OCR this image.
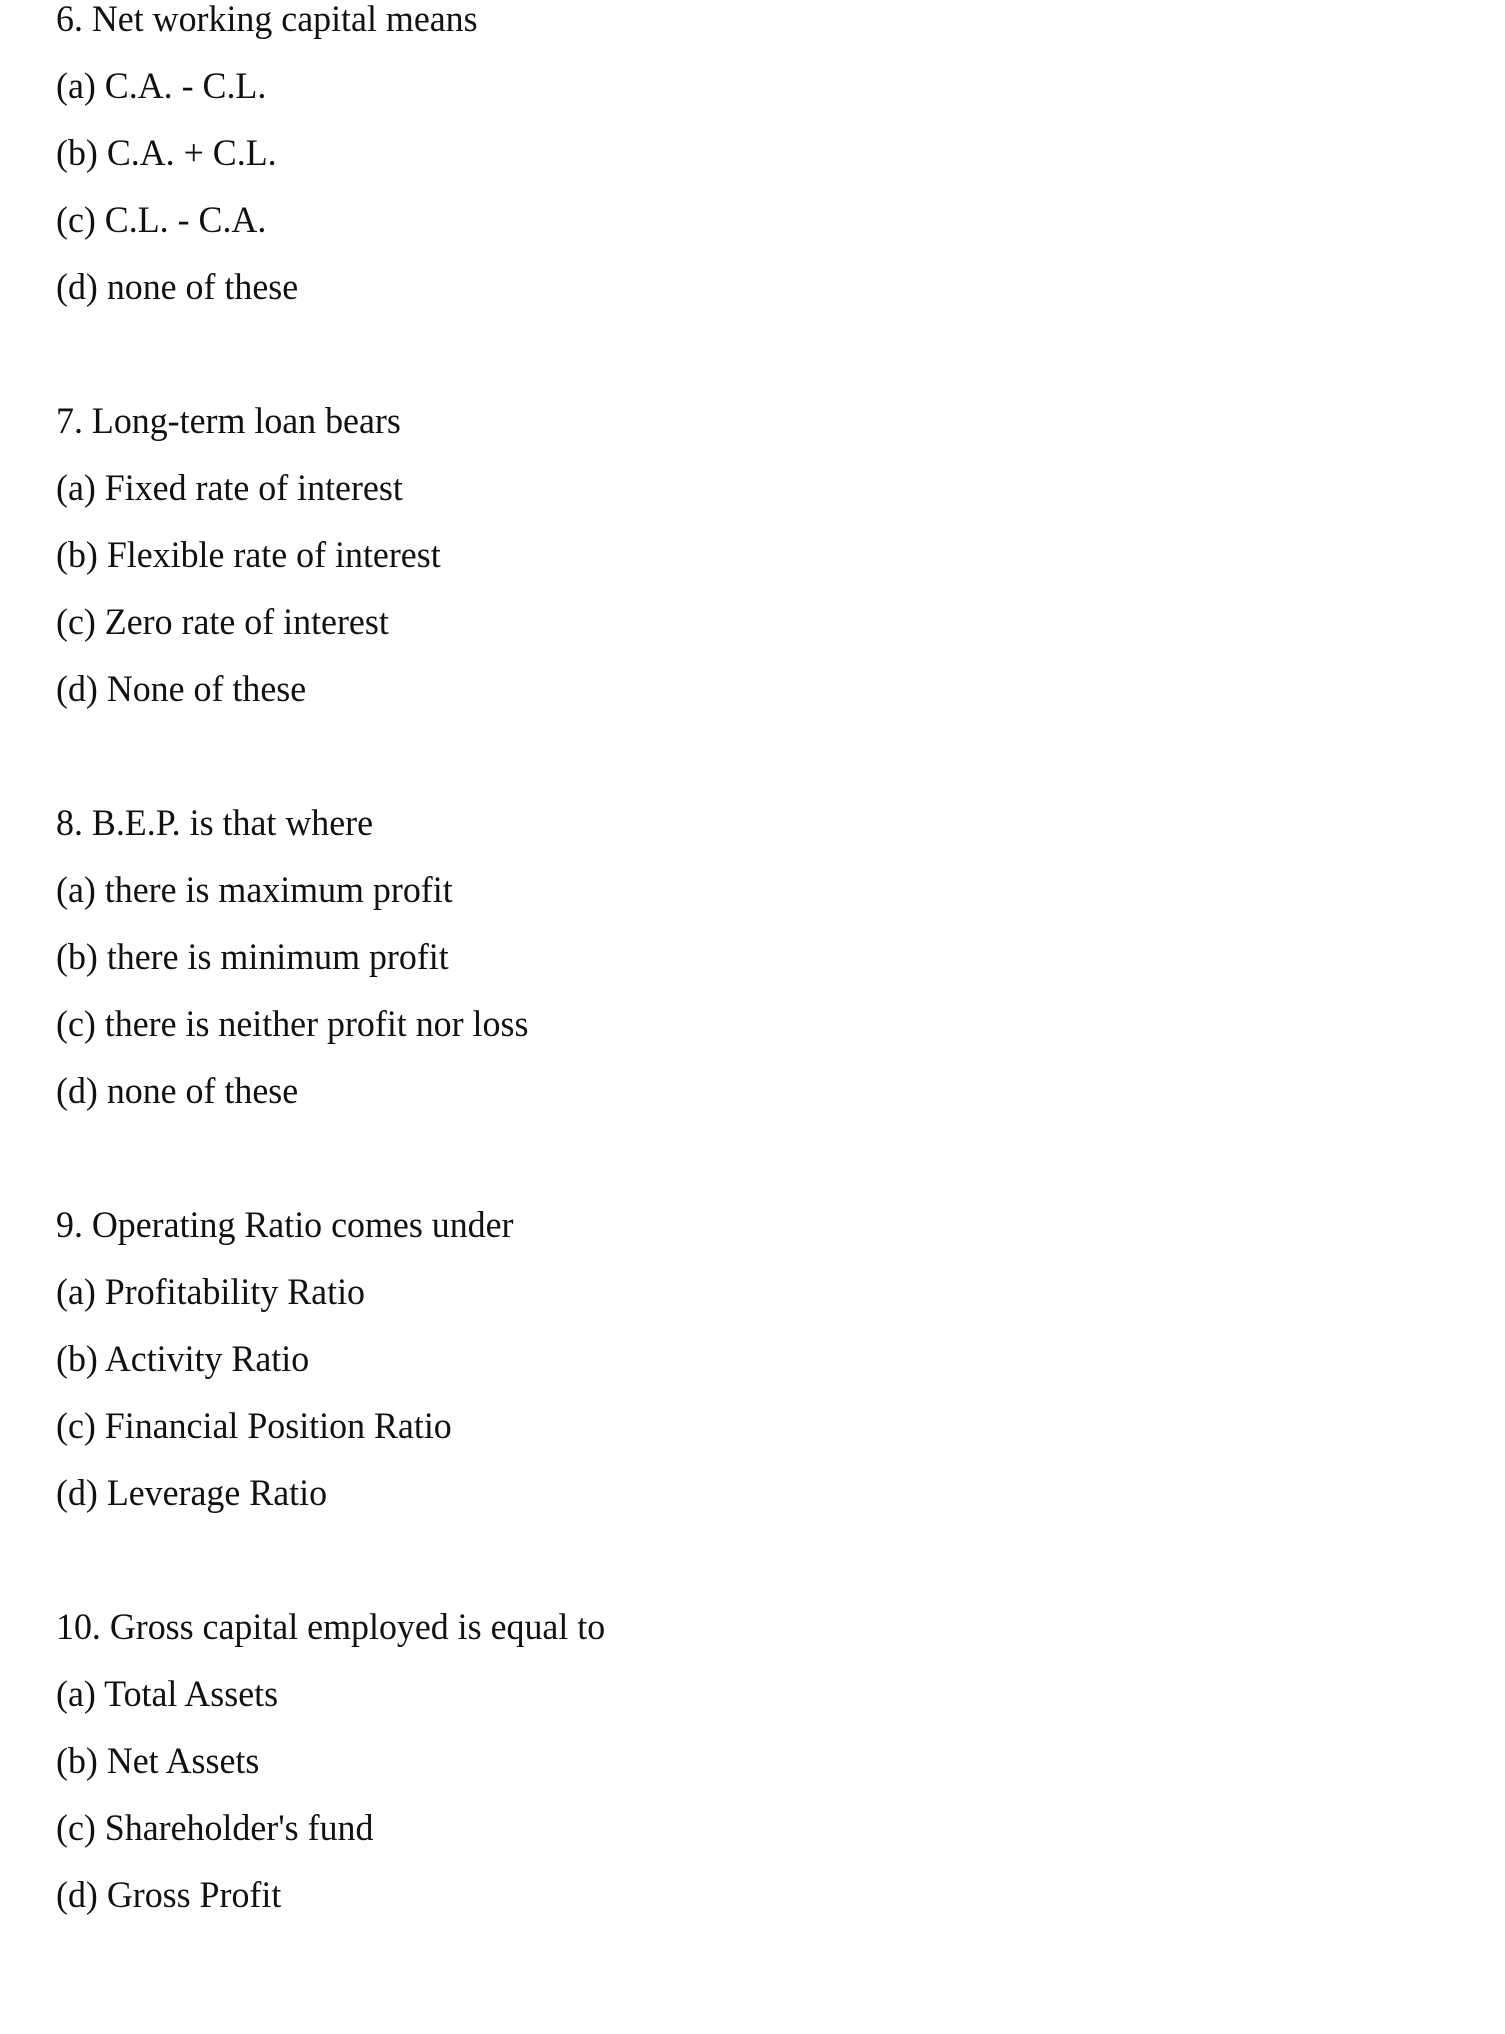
6. Net working capital means
(a) C.A. - C.L.
(b) C.A. + C.L.
(c) C.L. - C.A.
(d) none of these
7. Long-term loan bears
(a) Fixed rate of interest
(b) Flexible rate of interest
(c) Zero rate of interest
(d) None of these
8. B.E.P. is that where
(a) there is maximum profit
(b) there is minimum profit
(c) there is neither profit nor loss
(d) none of these
9. Operating Ratio comes under
(a) Profitability Ratio
(b) Activity Ratio
(c) Financial Position Ratio
(d) Leverage Ratio
10. Gross capital employed is equal to
(a) Total Assets
(b) Net Assets
(c) Shareholder's fund
(d) Gross Profit
